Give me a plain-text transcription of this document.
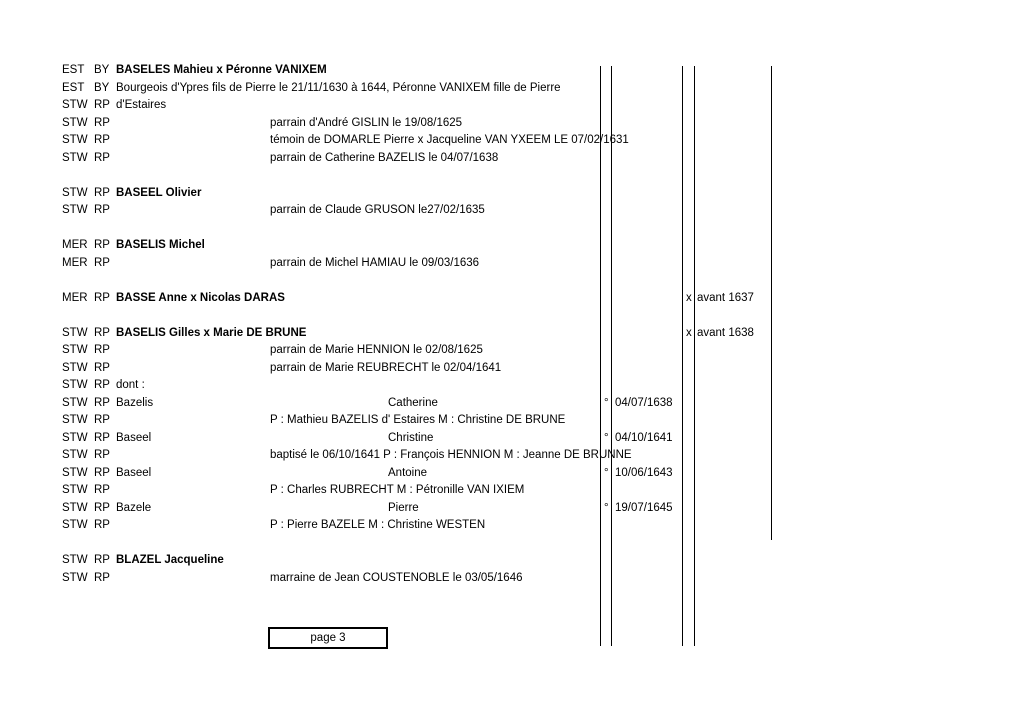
EST BY BASELES Mahieu x Péronne VANIXEM
EST BY Bourgeois d'Ypres fils de Pierre le 21/11/1630 à 1644, Péronne VANIXEM fille de Pierre
STW RP d'Estaires
STW RP	parrain d'André GISLIN le 19/08/1625
STW RP	témoin de DOMARLE Pierre x Jacqueline VAN YXEEM LE 07/02/1631
STW RP	parrain de Catherine BAZELIS le 04/07/1638
STW RP BASEEL Olivier
STW RP	parrain de Claude GRUSON le27/02/1635
MER RP BASELIS Michel
MER RP	parrain de Michel HAMIAU le 09/03/1636
MER RP BASSE Anne x Nicolas DARAS	x avant 1637
STW RP BASELIS Gilles x Marie DE BRUNE	x avant 1638
STW RP	parrain de Marie HENNION le 02/08/1625
STW RP	parrain de Marie REUBRECHT le 02/04/1641
STW RP dont :
STW RP Bazelis	Catherine	° 04/07/1638
STW RP	P : Mathieu BAZELIS d' Estaires M : Christine DE BRUNE
STW RP Baseel	Christine	° 04/10/1641
STW RP	baptisé le 06/10/1641 P : François HENNION M : Jeanne DE BRUNNE
STW RP Baseel	Antoine	° 10/06/1643
STW RP	P : Charles RUBRECHT M : Pétronille VAN IXIEM
STW RP Bazele	Pierre	° 19/07/1645
STW RP	P : Pierre BAZELE M : Christine WESTEN
STW RP BLAZEL Jacqueline
STW RP	marraine de Jean COUSTENOBLE le 03/05/1646
page 3
